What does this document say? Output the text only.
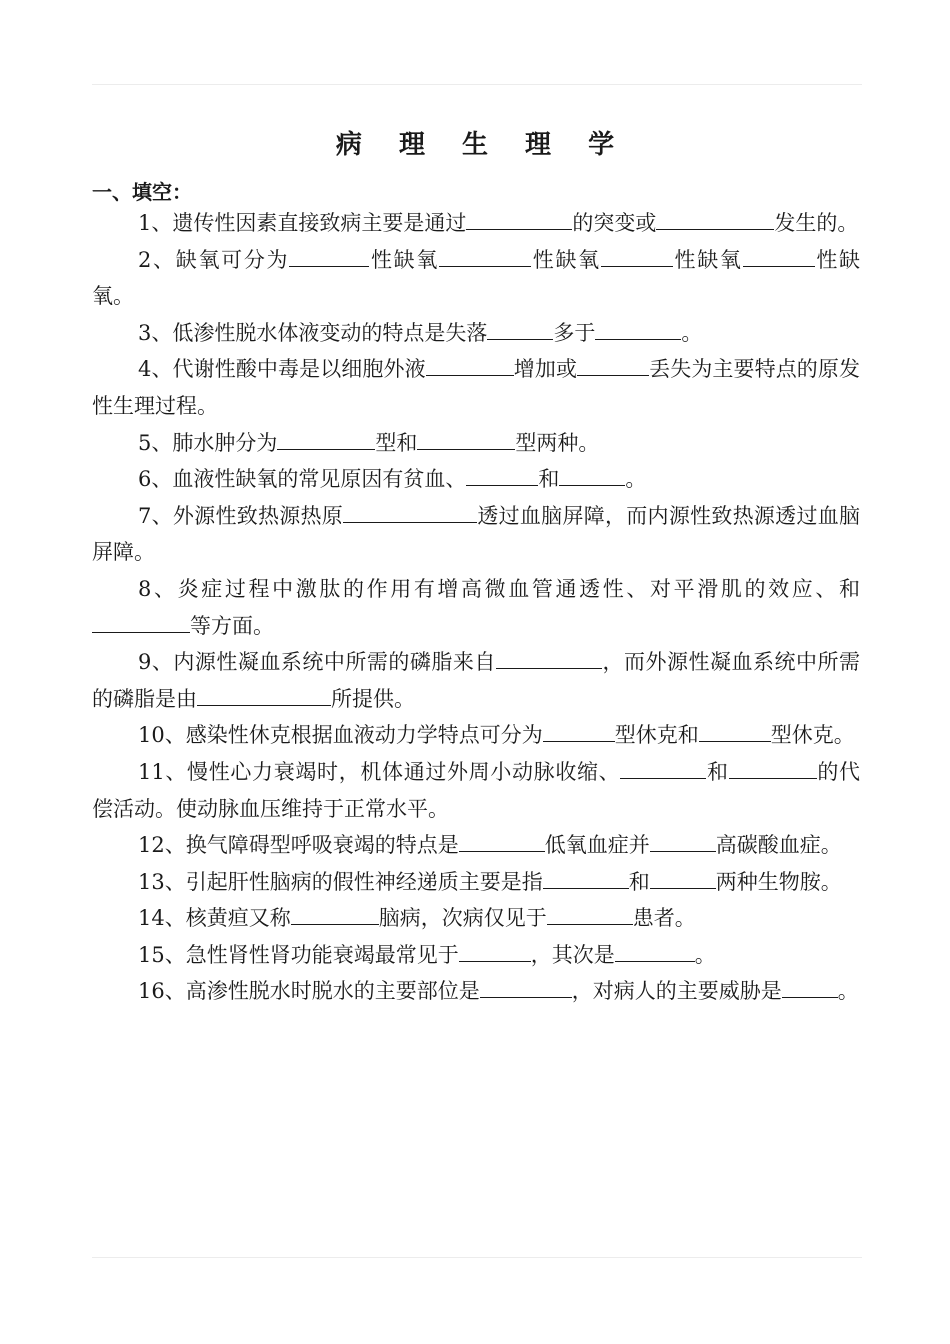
病 理 生 理 学
一、填空：
1、遗传性因素直接致病主要是通过	的突变或	发生的。
2、缺氧可分为	性缺氧	性缺氧	性缺氧	性缺氧。
3、低渗性脱水体液变动的特点是失落	多于	。
4、代谢性酸中毒是以细胞外液	增加或	丢失为主要特点的原发性生理过程。
5、肺水肿分为	型和	型两种。
6、血液性缺氧的常见原因有贫血、	和	。
7、外源性致热源热原	透过血脑屏障，而内源性致热源透过血脑屏障。
8、炎症过程中激肽的作用有增高微血管通透性、对平滑肌的效应、和等方面。
9、内源性凝血系统中所需的磷脂来自	，而外源性凝血系统中所需的磷脂是由	所提供。
10、感染性休克根据血液动力学特点可分为	型休克和	型休克。
11、慢性心力衰竭时，机体通过外周小动脉收缩、	和	的代偿活动。使动脉血压维持于正常水平。
12、换气障碍型呼吸衰竭的特点是	低氧血症并	高碳酸血症。
13、引起肝性脑病的假性神经递质主要是指	和	两种生物胺。
14、核黄疸又称	脑病，次病仅见于	患者。
15、急性肾性肾功能衰竭最常见于	，其次是	。
16、高渗性脱水时脱水的主要部位是	，对病人的主要威胁是	。
